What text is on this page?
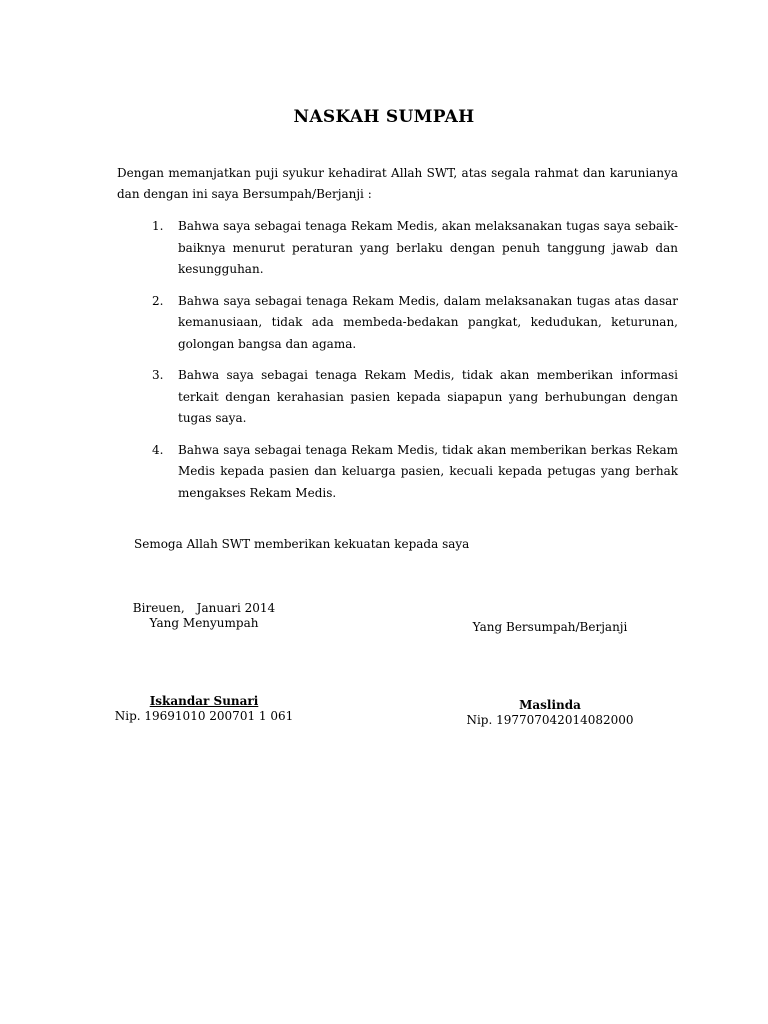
NASKAH SUMPAH
Dengan memanjatkan puji syukur kehadirat Allah SWT, atas segala rahmat dan karunianya dan dengan ini saya Bersumpah/Berjanji :
1. Bahwa saya sebagai tenaga Rekam Medis, akan melaksanakan tugas saya sebaik-baiknya menurut peraturan yang berlaku dengan penuh tanggung jawab dan kesungguhan.
2. Bahwa saya sebagai tenaga Rekam Medis, dalam melaksanakan tugas atas dasar kemanusiaan, tidak ada membeda-bedakan pangkat, kedudukan, keturunan, golongan bangsa dan agama.
3. Bahwa saya sebagai tenaga Rekam Medis, tidak akan memberikan informasi terkait dengan kerahasian pasien kepada siapapun yang berhubungan dengan tugas saya.
4. Bahwa saya sebagai tenaga Rekam Medis, tidak akan memberikan berkas Rekam Medis kepada pasien dan keluarga pasien, kecuali kepada petugas yang berhak mengakses Rekam Medis.
Semoga Allah SWT memberikan kekuatan kepada saya
Bireuen, Januari 2014
Yang Menyumpah
Iskandar Sunari
Nip. 19691010 200701 1 061
Yang Bersumpah/Berjanji
Maslinda
Nip. 197707042014082000
